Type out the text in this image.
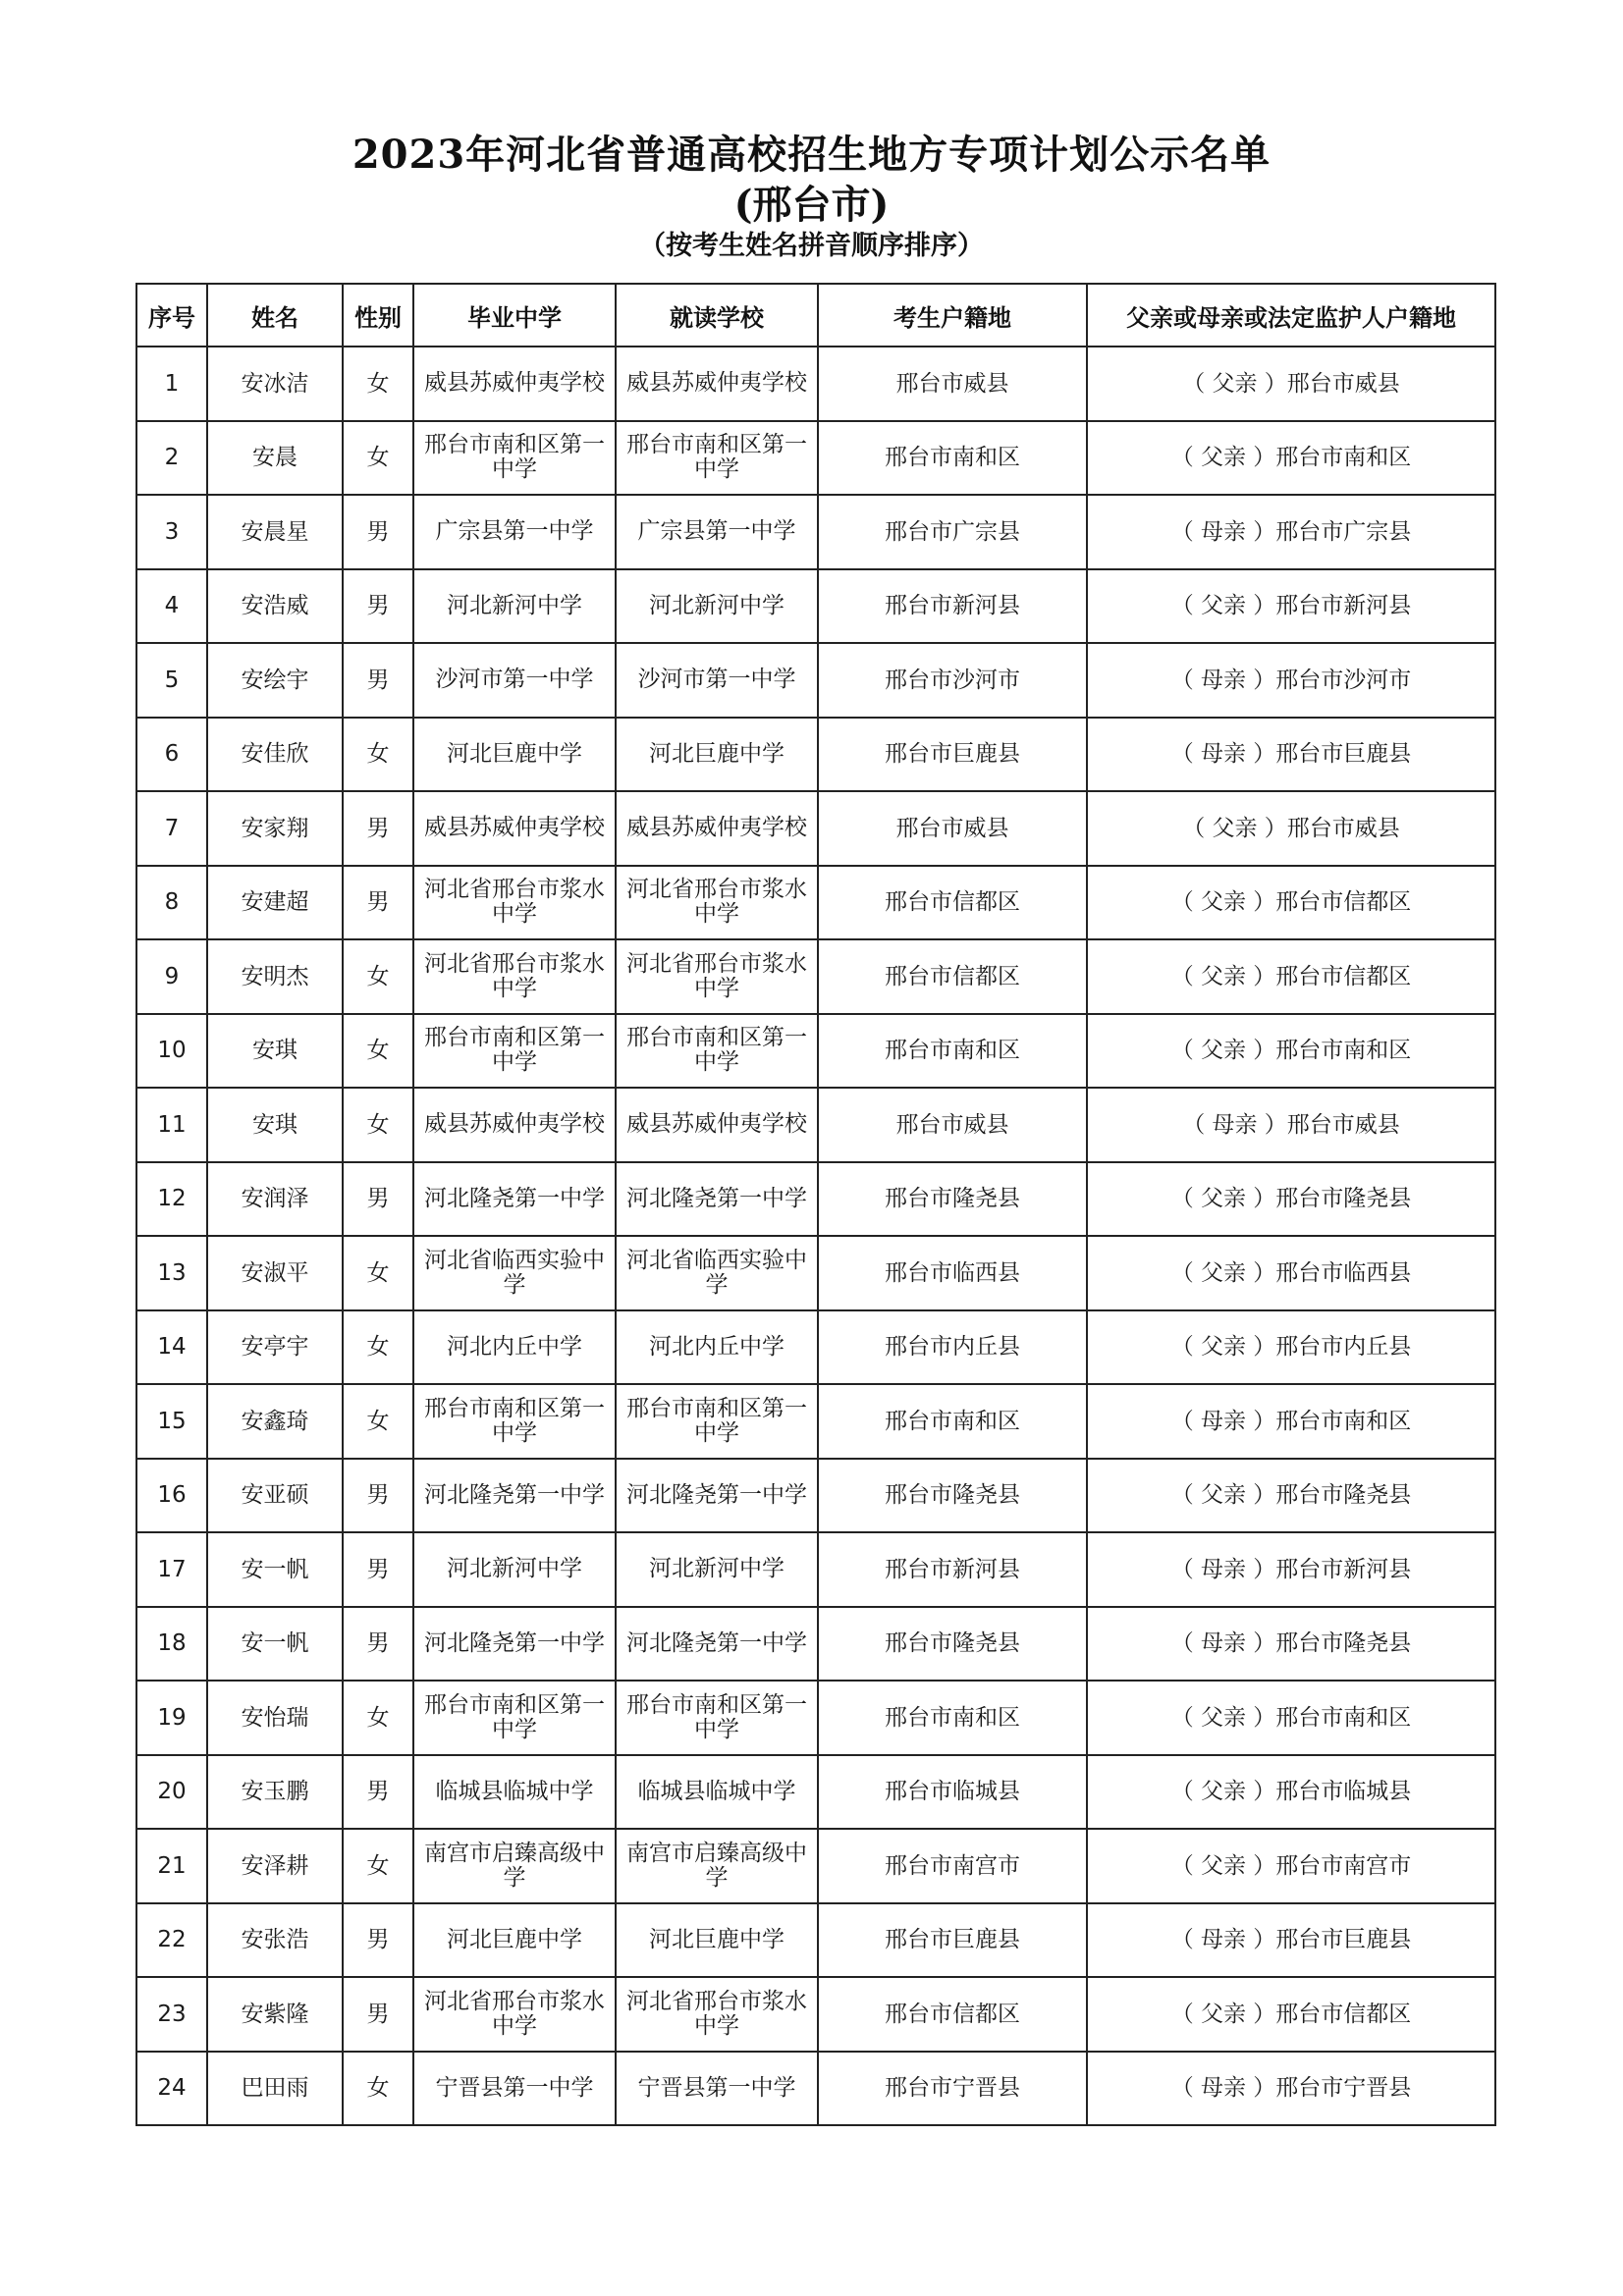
2023年河北省普通高校招生地方专项计划公示名单
(邢台市)
（按考生姓名拼音顺序排序）
序号	姓名	性别	毕业中学	就读学校	考生户籍地	父亲或母亲或法定监护人户籍地
1	安冰洁	女	威县苏威仲夷学校	威县苏威仲夷学校	邢台市威县	（ 父亲 ）邢台市威县
2	安晨	女	邢台市南和区第一中学	邢台市南和区第一中学	邢台市南和区	（ 父亲 ）邢台市南和区
3	安晨星	男	广宗县第一中学	广宗县第一中学	邢台市广宗县	（ 母亲 ）邢台市广宗县
4	安浩威	男	河北新河中学	河北新河中学	邢台市新河县	（ 父亲 ）邢台市新河县
5	安绘宇	男	沙河市第一中学	沙河市第一中学	邢台市沙河市	（ 母亲 ）邢台市沙河市
6	安佳欣	女	河北巨鹿中学	河北巨鹿中学	邢台市巨鹿县	（ 母亲 ）邢台市巨鹿县
7	安家翔	男	威县苏威仲夷学校	威县苏威仲夷学校	邢台市威县	（ 父亲 ）邢台市威县
8	安建超	男	河北省邢台市浆水中学	河北省邢台市浆水中学	邢台市信都区	（ 父亲 ）邢台市信都区
9	安明杰	女	河北省邢台市浆水中学	河北省邢台市浆水中学	邢台市信都区	（ 父亲 ）邢台市信都区
10	安琪	女	邢台市南和区第一中学	邢台市南和区第一中学	邢台市南和区	（ 父亲 ）邢台市南和区
11	安琪	女	威县苏威仲夷学校	威县苏威仲夷学校	邢台市威县	（ 母亲 ）邢台市威县
12	安润泽	男	河北隆尧第一中学	河北隆尧第一中学	邢台市隆尧县	（ 父亲 ）邢台市隆尧县
13	安淑平	女	河北省临西实验中学	河北省临西实验中学	邢台市临西县	（ 父亲 ）邢台市临西县
14	安亭宇	女	河北内丘中学	河北内丘中学	邢台市内丘县	（ 父亲 ）邢台市内丘县
15	安鑫琦	女	邢台市南和区第一中学	邢台市南和区第一中学	邢台市南和区	（ 母亲 ）邢台市南和区
16	安亚硕	男	河北隆尧第一中学	河北隆尧第一中学	邢台市隆尧县	（ 父亲 ）邢台市隆尧县
17	安一帆	男	河北新河中学	河北新河中学	邢台市新河县	（ 母亲 ）邢台市新河县
18	安一帆	男	河北隆尧第一中学	河北隆尧第一中学	邢台市隆尧县	（ 母亲 ）邢台市隆尧县
19	安怡瑞	女	邢台市南和区第一中学	邢台市南和区第一中学	邢台市南和区	（ 父亲 ）邢台市南和区
20	安玉鹏	男	临城县临城中学	临城县临城中学	邢台市临城县	（ 父亲 ）邢台市临城县
21	安泽耕	女	南宫市启臻高级中学	南宫市启臻高级中学	邢台市南宫市	（ 父亲 ）邢台市南宫市
22	安张浩	男	河北巨鹿中学	河北巨鹿中学	邢台市巨鹿县	（ 母亲 ）邢台市巨鹿县
23	安紫隆	男	河北省邢台市浆水中学	河北省邢台市浆水中学	邢台市信都区	（ 父亲 ）邢台市信都区
24	巴田雨	女	宁晋县第一中学	宁晋县第一中学	邢台市宁晋县	（ 母亲 ）邢台市宁晋县
